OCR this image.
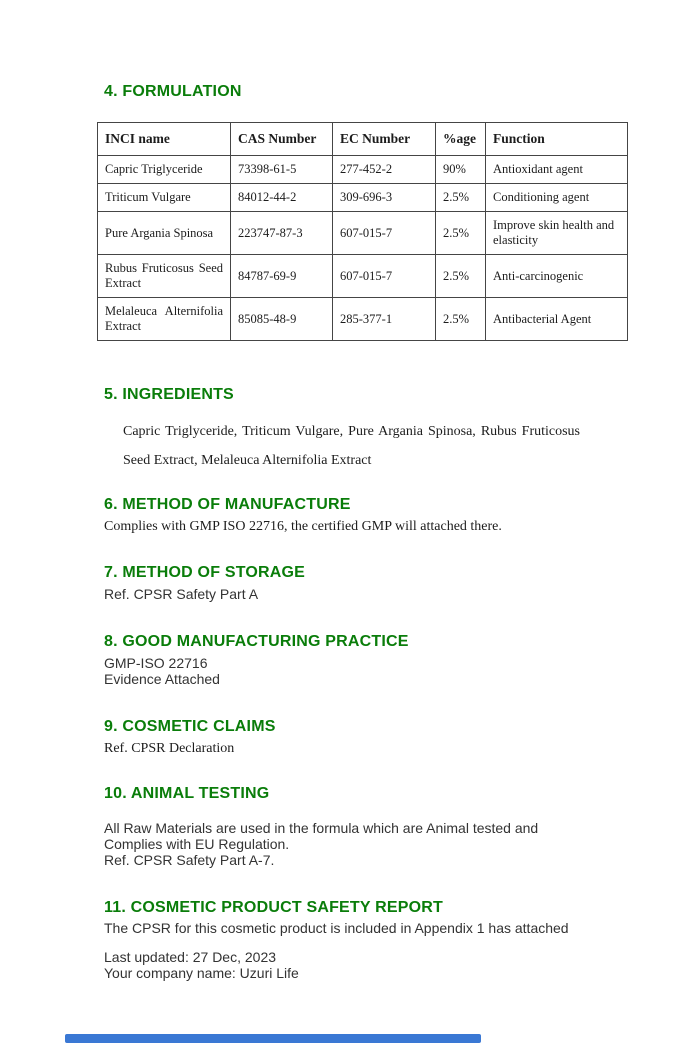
4. FORMULATION
INCI name	CAS Number	EC Number	%age	Function
Capric Triglyceride	73398-61-5	277-452-2	90%	Antioxidant agent
Triticum Vulgare	84012-44-2	309-696-3	2.5%	Conditioning agent
Pure Argania Spinosa	223747-87-3	607-015-7	2.5%	Improve skin health and elasticity
Rubus Fruticosus Seed Extract	84787-69-9	607-015-7	2.5%	Anti-carcinogenic
Melaleuca Alternifolia Extract	85085-48-9	285-377-1	2.5%	Antibacterial Agent
5. INGREDIENTS

Capric Triglyceride, Triticum Vulgare, Pure Argania Spinosa, Rubus Fruticosus Seed Extract, Melaleuca Alternifolia Extract

6. METHOD OF MANUFACTURE

Complies with GMP ISO 22716, the certified GMP will attached there.

7. METHOD OF STORAGE

Ref. CPSR Safety Part A

8. GOOD MANUFACTURING PRACTICE
GMP-ISO 22716
Evidence Attached
9. COSMETIC CLAIMS

Ref. CPSR Declaration

10. ANIMAL TESTING
All Raw Materials are used in the formula which are Animal tested and Complies with EU Regulation.
Ref. CPSR Safety Part A-7.
11. COSMETIC PRODUCT SAFETY REPORT

The CPSR for this cosmetic product is included in Appendix 1 has attached

Last updated: 27 Dec, 2023
Your company name: Uzuri Life
